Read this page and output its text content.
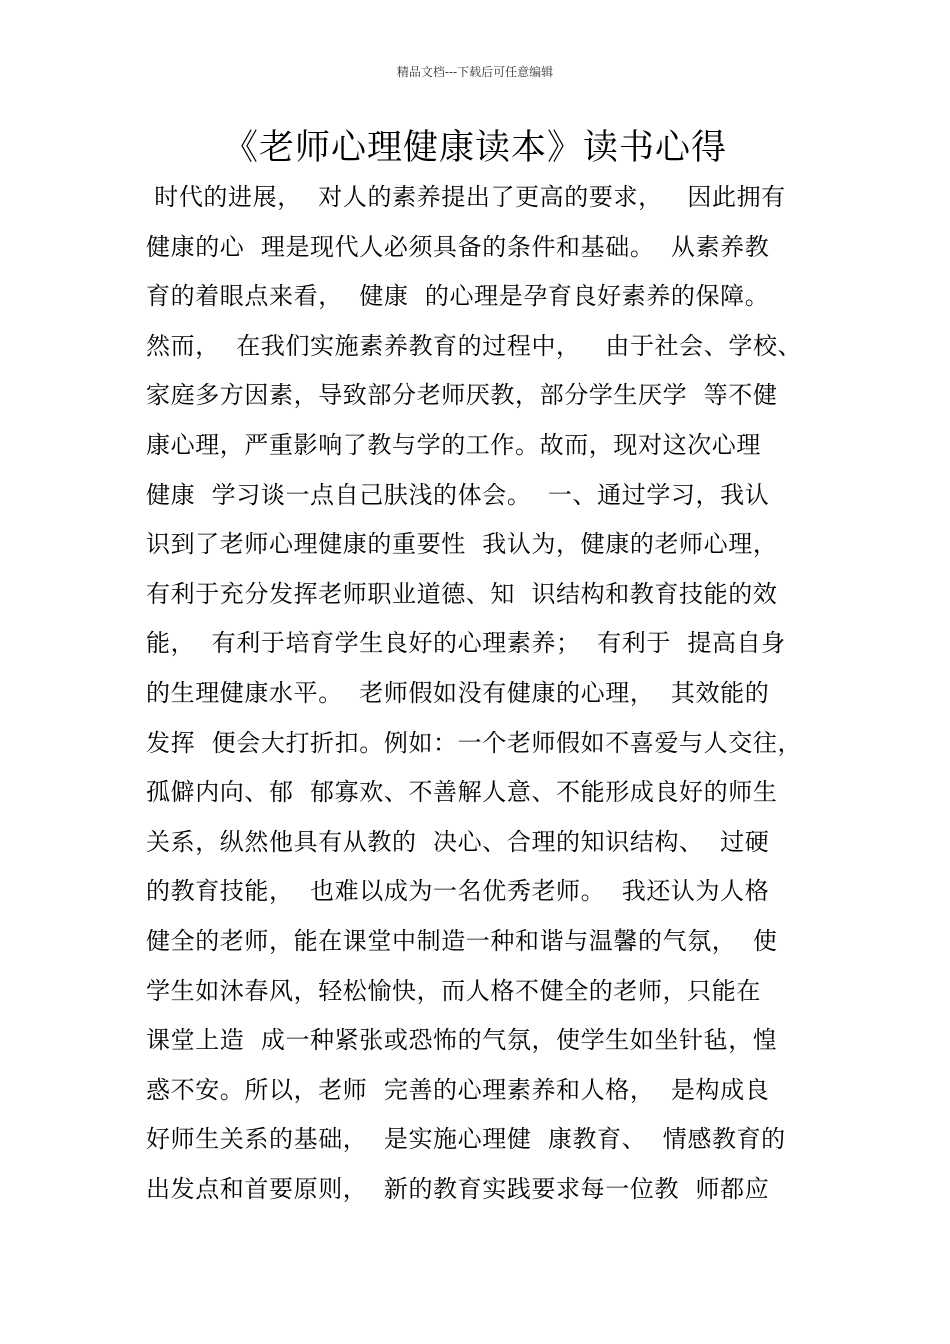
精品文档---下载后可任意编辑
《老师心理健康读本》读书心得
时代的进展，  对人的素养提出了更高的要求，   因此拥有
健康的心  理是现代人必须具备的条件和基础。  从素养教
育的着眼点来看，  健康  的心理是孕育良好素养的保障。
然而，  在我们实施素养教育的过程中，   由于社会、学校、
家庭多方因素，导致部分老师厌教，部分学生厌学  等不健
康心理，严重影响了教与学的工作。故而，现对这次心理
健康  学习谈一点自己肤浅的体会。  一、通过学习，我认
识到了老师心理健康的重要性  我认为，健康的老师心理，
有利于充分发挥老师职业道德、知  识结构和教育技能的效
能，  有利于培育学生良好的心理素养；  有利于  提高自身
的生理健康水平。  老师假如没有健康的心理，  其效能的
发挥  便会大打折扣。例如：一个老师假如不喜爱与人交往，
孤僻内向、郁  郁寡欢、不善解人意、不能形成良好的师生
关系，纵然他具有从教的  决心、合理的知识结构、  过硬
的教育技能，  也难以成为一名优秀老师。  我还认为人格
健全的老师，能在课堂中制造一种和谐与温馨的气氛，  使
学生如沐春风，轻松愉快，而人格不健全的老师，只能在
课堂上造  成一种紧张或恐怖的气氛，使学生如坐针毡，惶
惑不安。所以，老师  完善的心理素养和人格，  是构成良
好师生关系的基础，  是实施心理健  康教育、  情感教育的
出发点和首要原则，  新的教育实践要求每一位教  师都应
